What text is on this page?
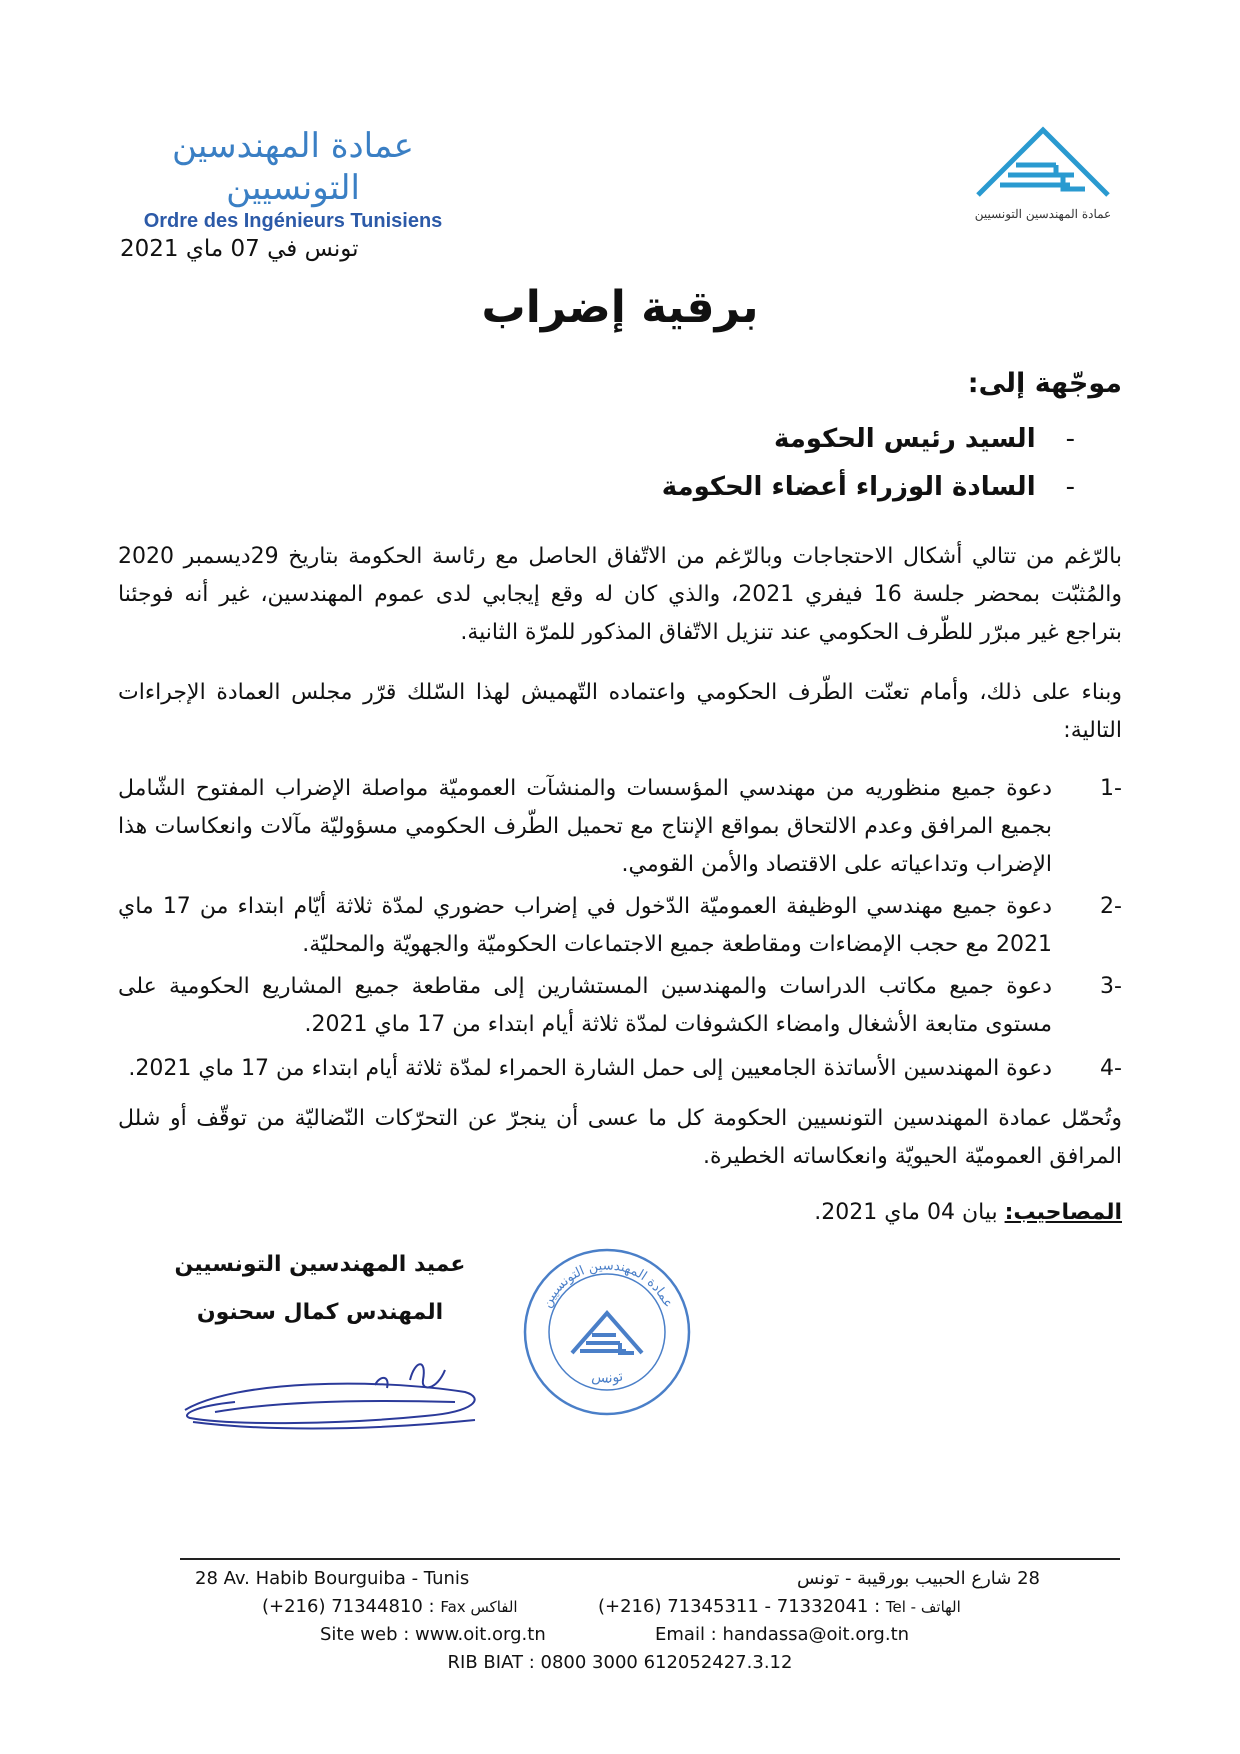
عمادة المهندسين التونسيين
Ordre des Ingénieurs Tunisiens	عمادة المهندسين التونسيين
تونس في 07 ماي 2021
برقية إضراب
موجّهة إلى:
-السيد رئيس الحكومة
-السادة الوزراء أعضاء الحكومة
بالرّغم من تتالي أشكال الاحتجاجات وبالرّغم من الاتّفاق الحاصل مع رئاسة الحكومة بتاريخ 29ديسمبر 2020 والمُثبّت بمحضر جلسة 16 فيفري 2021، والذي كان له وقع إيجابي لدى عموم المهندسين، غير أنه فوجئنا بتراجع غير مبرّر للطّرف الحكومي عند تنزيل الاتّفاق المذكور للمرّة الثانية.
وبناء على ذلك، وأمام تعنّت الطّرف الحكومي واعتماده التّهميش لهذا السّلك قرّر مجلس العمادة الإجراءات التالية:
-1
دعوة جميع منظوريه من مهندسي المؤسسات والمنشآت العموميّة مواصلة الإضراب المفتوح الشّامل بجميع المرافق وعدم الالتحاق بمواقع الإنتاج مع تحميل الطّرف الحكومي مسؤوليّة مآلات وانعكاسات هذا الإضراب وتداعياته على الاقتصاد والأمن القومي.
-2
دعوة جميع مهندسي الوظيفة العموميّة الدّخول في إضراب حضوري لمدّة ثلاثة أيّام ابتداء من 17 ماي 2021 مع حجب الإمضاءات ومقاطعة جميع الاجتماعات الحكوميّة والجهويّة والمحليّة.
-3
دعوة جميع مكاتب الدراسات والمهندسين المستشارين إلى مقاطعة جميع المشاريع الحكومية على مستوى متابعة الأشغال وامضاء الكشوفات لمدّة ثلاثة أيام ابتداء من 17 ماي 2021.
-4
دعوة المهندسين الأساتذة الجامعيين إلى حمل الشارة الحمراء لمدّة ثلاثة أيام ابتداء من 17 ماي 2021.
وتُحمّل عمادة المهندسين التونسيين الحكومة كل ما عسى أن ينجرّ عن التحرّكات النّضاليّة من توقّف أو شلل المرافق العموميّة الحيويّة وانعكاساته الخطيرة.
المصاحيب: بيان 04 ماي 2021.
عميد المهندسين التونسيين
المهندس كمال سحنون	عمادة المهندسين التونسيين
تونس
28 Av. Habib Bourguiba - Tunis	28 شارع الحبيب بورقيبة - تونس
(+216) 71344810 : Fax الفاكس	(+216) 71345311 - 71332041 : Tel - الهاتف
Site web : www.oit.org.tn	Email : handassa@oit.org.tn
RIB BIAT : 0800 3000 612052427.3.12
